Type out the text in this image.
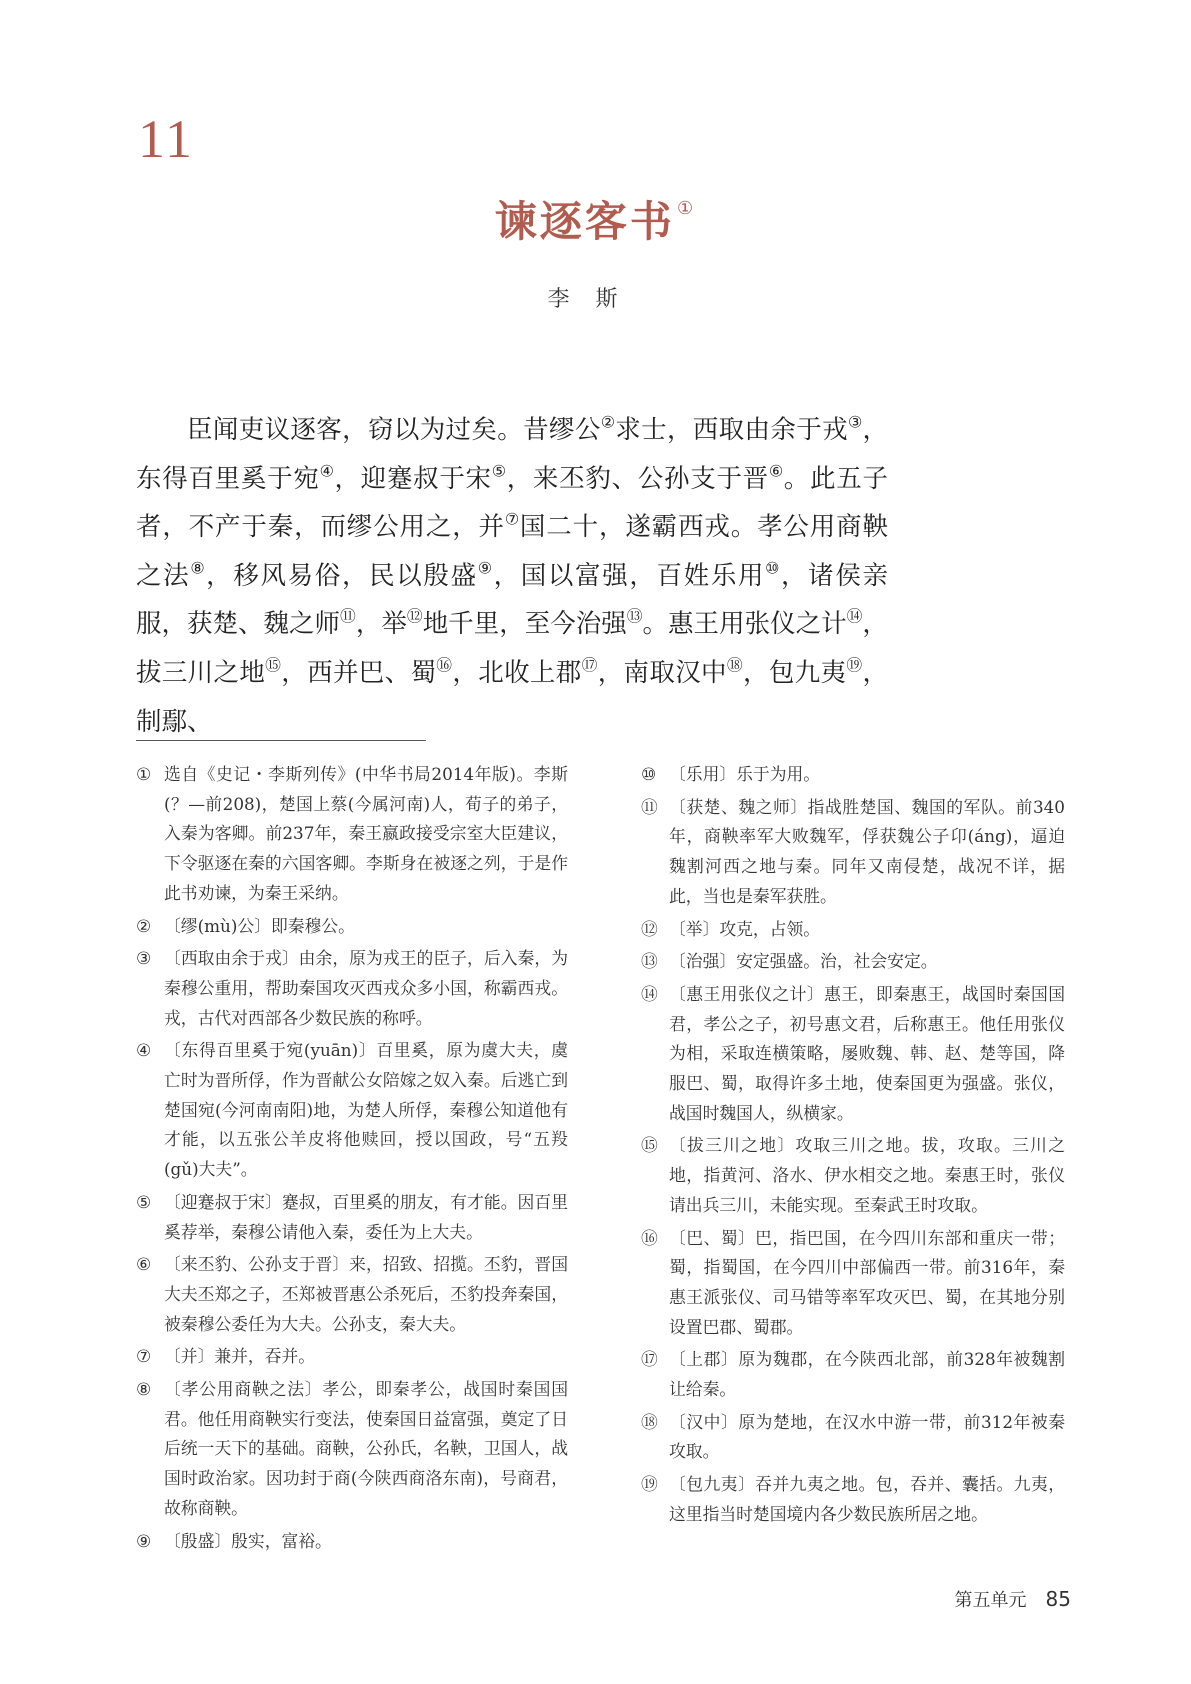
11
谏逐客书 ①
李斯

臣闻吏议逐客，窃以为过矣。昔缪公②求士，西取由余于戎③，东得百里奚于宛④，迎蹇叔于宋⑤，来丕豹、公孙支于晋⑥。此五子者，不产于秦，而缪公用之，并⑦国二十，遂霸西戎。孝公用商鞅之法⑧，移风易俗，民以殷盛⑨，国以富强，百姓乐用⑩，诸侯亲服，获楚、魏之师⑪，举⑫地千里，至今治强⑬。惠王用张仪之计⑭，拔三川之地⑮，西并巴、蜀⑯，北收上郡⑰，南取汉中⑱，包九夷⑲，制鄢、

① 选自《史记・李斯列传》(中华书局2014年版)。李斯(？—前208)，楚国上蔡(今属河南)人，荀子的弟子，入秦为客卿。前237年，秦王嬴政接受宗室大臣建议，下令驱逐在秦的六国客卿。李斯身在被逐之列，于是作此书劝谏，为秦王采纳。
② 〔缪(mù)公〕即秦穆公。
③ 〔西取由余于戎〕由余，原为戎王的臣子，后入秦，为秦穆公重用，帮助秦国攻灭西戎众多小国，称霸西戎。戎，古代对西部各少数民族的称呼。
④ 〔东得百里奚于宛(yuān)〕百里奚，原为虞大夫，虞亡时为晋所俘，作为晋献公女陪嫁之奴入秦。后逃亡到楚国宛(今河南南阳)地，为楚人所俘，秦穆公知道他有才能，以五张公羊皮将他赎回，授以国政，号“五羖(gǔ)大夫”。
⑤ 〔迎蹇叔于宋〕蹇叔，百里奚的朋友，有才能。因百里奚荐举，秦穆公请他入秦，委任为上大夫。
⑥ 〔来丕豹、公孙支于晋〕来，招致、招揽。丕豹，晋国大夫丕郑之子，丕郑被晋惠公杀死后，丕豹投奔秦国，被秦穆公委任为大夫。公孙支，秦大夫。
⑦ 〔并〕兼并，吞并。
⑧ 〔孝公用商鞅之法〕孝公，即秦孝公，战国时秦国国君。他任用商鞅实行变法，使秦国日益富强，奠定了日后统一天下的基础。商鞅，公孙氏，名鞅，卫国人，战国时政治家。因功封于商(今陕西商洛东南)，号商君，故称商鞅。
⑨ 〔殷盛〕殷实，富裕。
⑩ 〔乐用〕乐于为用。
⑪ 〔获楚、魏之师〕指战胜楚国、魏国的军队。前340年，商鞅率军大败魏军，俘获魏公子卬(áng)，逼迫魏割河西之地与秦。同年又南侵楚，战况不详，据此，当也是秦军获胜。
⑫ 〔举〕攻克，占领。
⑬ 〔治强〕安定强盛。治，社会安定。
⑭ 〔惠王用张仪之计〕惠王，即秦惠王，战国时秦国国君，孝公之子，初号惠文君，后称惠王。他任用张仪为相，采取连横策略，屡败魏、韩、赵、楚等国，降服巴、蜀，取得许多土地，使秦国更为强盛。张仪，战国时魏国人，纵横家。
⑮ 〔拔三川之地〕攻取三川之地。拔，攻取。三川之地，指黄河、洛水、伊水相交之地。秦惠王时，张仪请出兵三川，未能实现。至秦武王时攻取。
⑯ 〔巴、蜀〕巴，指巴国，在今四川东部和重庆一带；蜀，指蜀国，在今四川中部偏西一带。前316年，秦惠王派张仪、司马错等率军攻灭巴、蜀，在其地分别设置巴郡、蜀郡。
⑰ 〔上郡〕原为魏郡，在今陕西北部，前328年被魏割让给秦。
⑱ 〔汉中〕原为楚地，在汉水中游一带，前312年被秦攻取。
⑲ 〔包九夷〕吞并九夷之地。包，吞并、囊括。九夷，这里指当时楚国境内各少数民族所居之地。
第五单元 85
